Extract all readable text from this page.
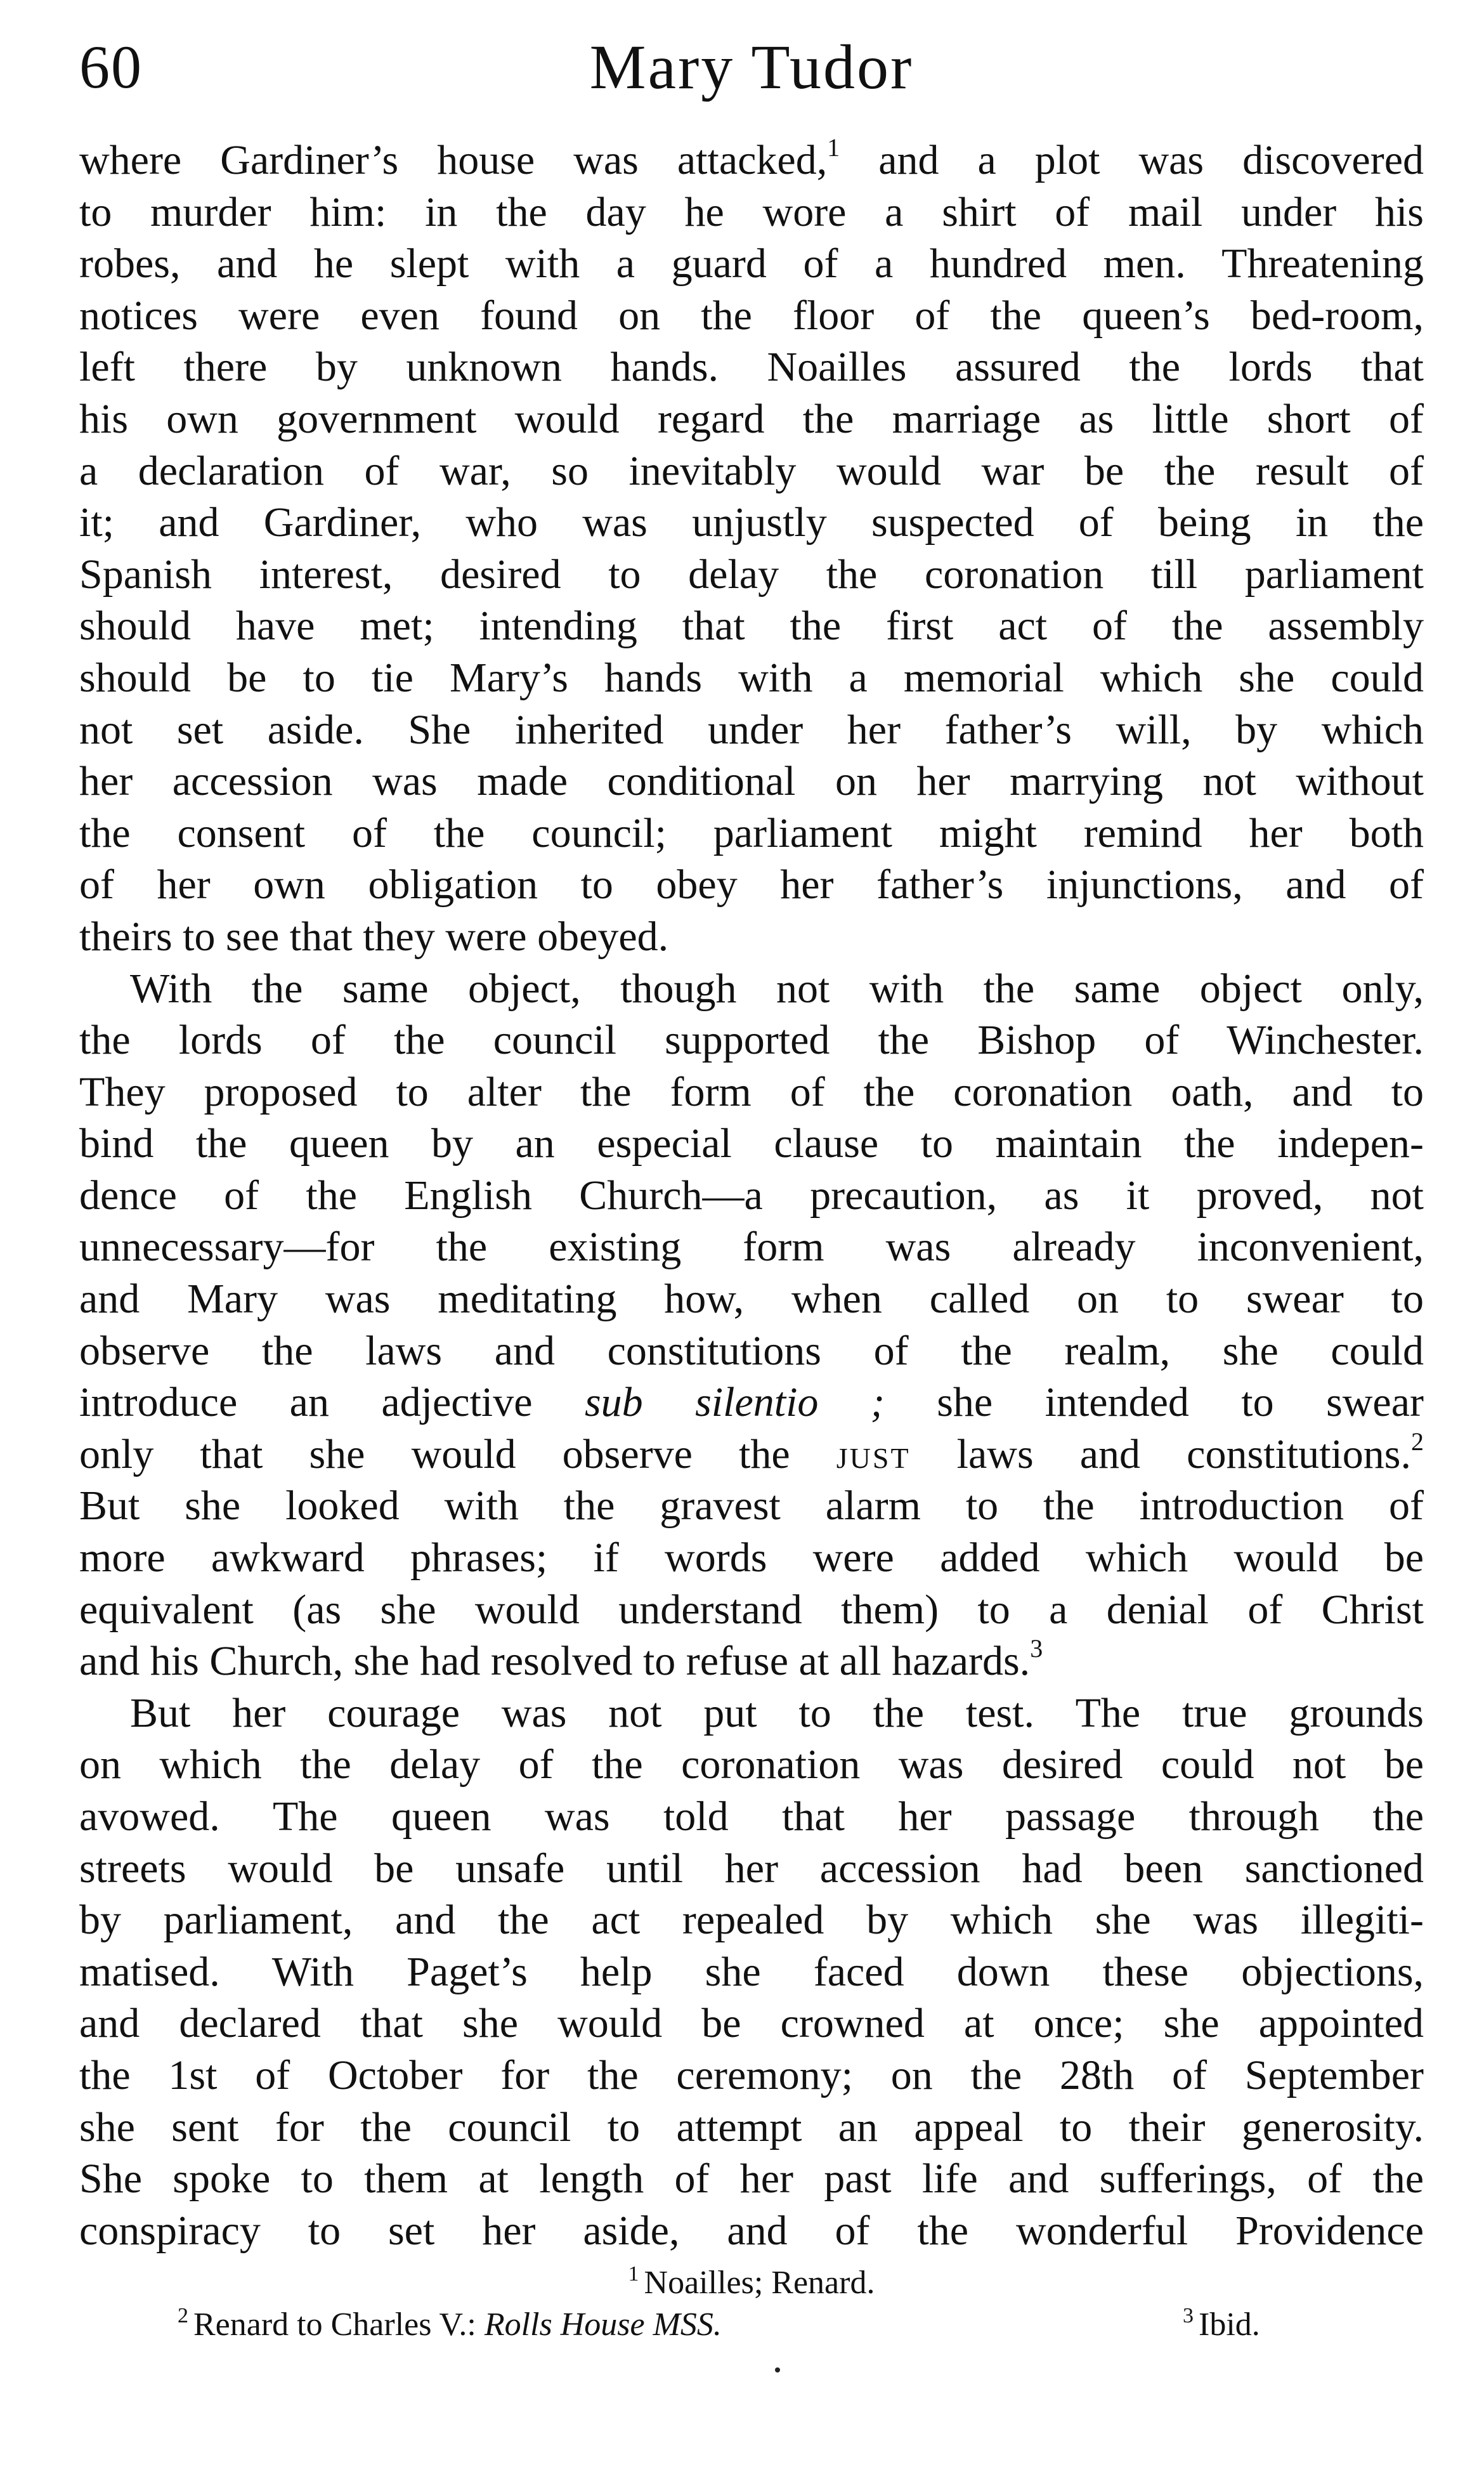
60	Mary Tudor
where Gardiner’s house was attacked,$^1$ and a plot was discovered
to murder him: in the day he wore a shirt of mail under his
robes, and he slept with a guard of a hundred men. Threatening
notices were even found on the floor of the queen’s bed-room,
left there by unknown hands. Noailles assured the lords that
his own government would regard the marriage as little short of
a declaration of war, so inevitably would war be the result of
it; and Gardiner, who was unjustly suspected of being in the
Spanish interest, desired to delay the coronation till parliament
should have met; intending that the first act of the assembly
should be to tie Mary’s hands with a memorial which she could
not set aside. She inherited under her father’s will, by which
her accession was made conditional on her marrying not without
the consent of the council; parliament might remind her both
of her own obligation to obey her father’s injunctions, and of
theirs to see that they were obeyed.
With the same object, though not with the same object only,
the lords of the council supported the Bishop of Winchester.
They proposed to alter the form of the coronation oath, and to
bind the queen by an especial clause to maintain the indepen-
dence of the English Church—a precaution, as it proved, not
unnecessary—for the existing form was already inconvenient,
and Mary was meditating how, when called on to swear to
observe the laws and constitutions of the realm, she could
introduce an adjective sub silentio ; she intended to swear
only that she would observe the just laws and constitutions.$^2$
But she looked with the gravest alarm to the introduction of
more awkward phrases; if words were added which would be
equivalent (as she would understand them) to a denial of Christ
and his Church, she had resolved to refuse at all hazards.$^3$
But her courage was not put to the test. The true grounds
on which the delay of the coronation was desired could not be
avowed. The queen was told that her passage through the
streets would be unsafe until her accession had been sanctioned
by parliament, and the act repealed by which she was illegiti-
matised. With Paget’s help she faced down these objections,
and declared that she would be crowned at once; she appointed
the 1st of October for the ceremony; on the 28th of September
she sent for the council to attempt an appeal to their generosity.
She spoke to them at length of her past life and sufferings, of the
conspiracy to set her aside, and of the wonderful Providence
$^1$ Noailles; Renard.
$^2$ Renard to Charles V.: Rolls House MSS.	$^3$ Ibid.
